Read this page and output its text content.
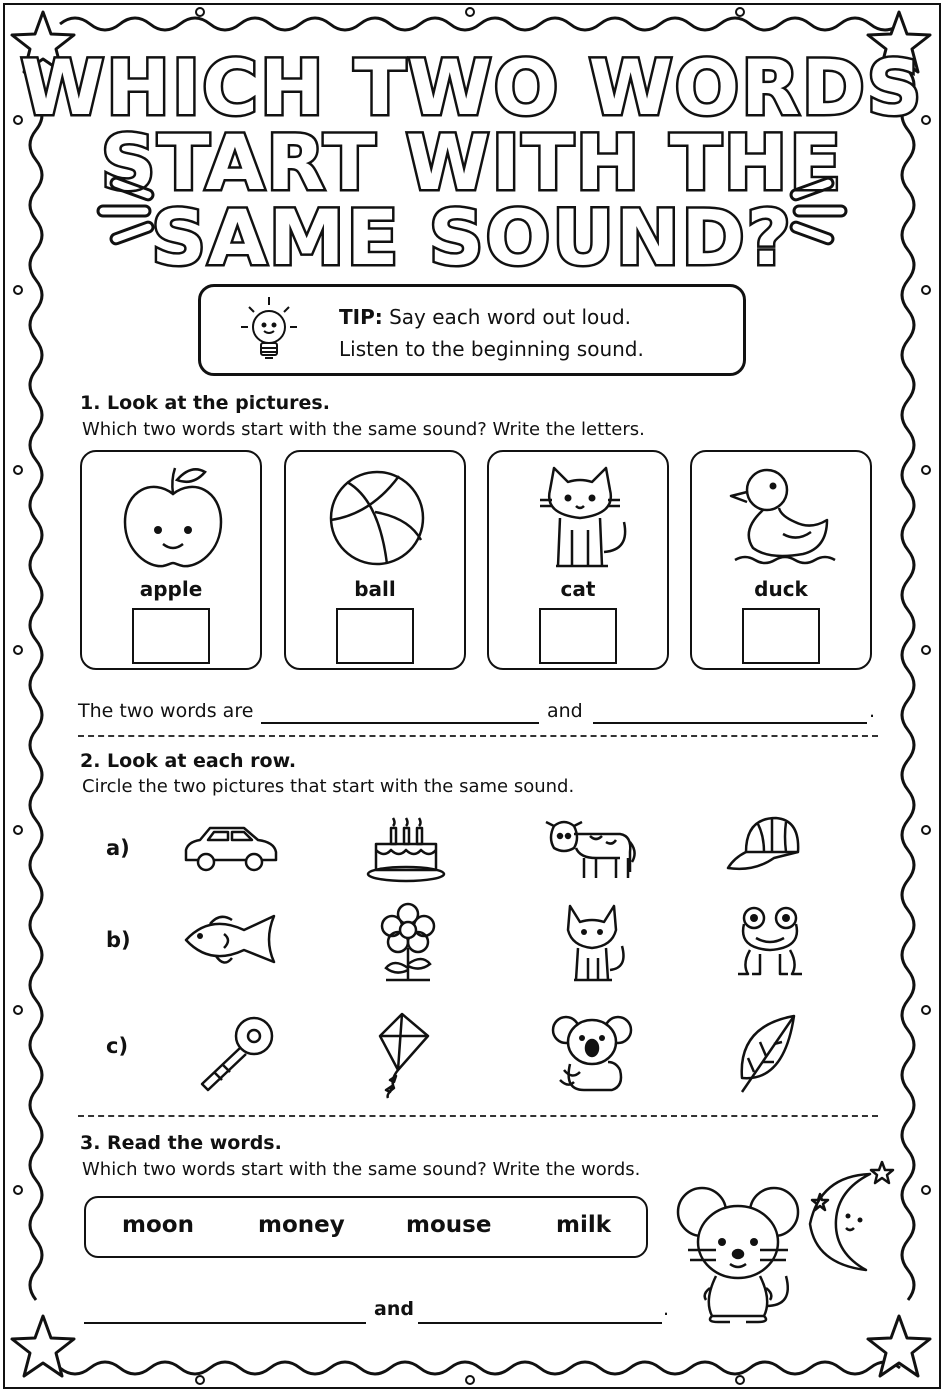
WHICH TWO WORDS
START WITH THE
SAME SOUND?
TIP: Say each word out loud.
Listen to the beginning sound.
1. Look at the pictures.
Which two words start with the same sound? Write the letters.
apple	ball	cat	duck
The two words are	and	.
2. Look at each row.
Circle the two pictures that start with the same sound.
a)
b)
c)
3. Read the words.
Which two words start with the same sound? Write the words.
moon	money	mouse	milk
and	.
